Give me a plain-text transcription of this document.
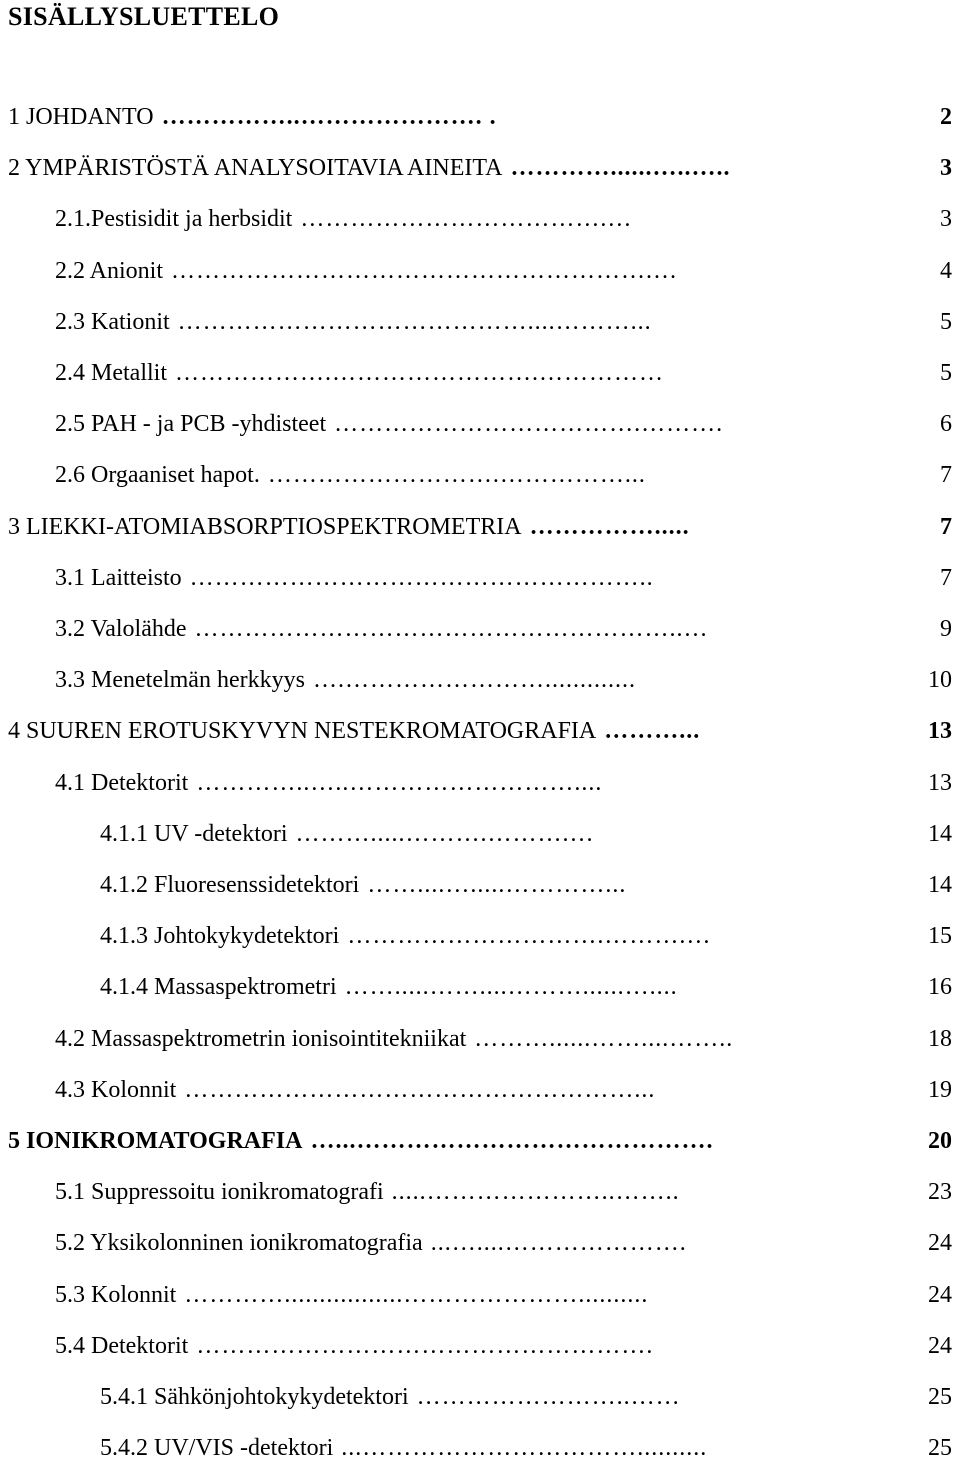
SISÄLLYSLUETTELO
1 JOHDANTO ……………..…………………. .	2
2 YMPÄRISTÖSTÄ ANALYSOITAVIA AINEITA …………......…..…..	3
2.1.Pestisidit ja herbsidit ……………………………….…	3
2.2 Anionit ………………………………………………….…	4
2.3 Kationit ……………………………………....………...	5
2.4 Metallit ……………….…………………….……………	5
2.5 PAH - ja PCB -yhdisteet ……………………………….……….	6
2.6 Orgaaniset hapot. ……………………….……………...	7
3 LIEKKI-ATOMIABSORPTIOSPEKTROMETRIA …………….....	7
3.1 Laitteisto ………………………………………………..	7
3.2 Valolähde …………………………………………………..…	9
3.3 Menetelmän herkkyys ….…………………….............	10
4 SUUREN EROTUSKYVYN NESTEKROMATOGRAFIA ………...	13
4.1 Detektorit …………..…..………………………....	13
4.1.1 UV -detektori ……….....……….……….…	14
4.1.2 Fluoresenssidetektori ……....….....…………...	14
4.1.3 Johtokykydetektori ………………………….……….…	15
4.1.4 Massaspektrometri …….....……....………......…....	16
4.2 Massaspektrometrin ionisointitekniikat ………......……....……..	18
4.3 Kolonnit ………………………………………………...	19
5 IONIKROMATOGRAFIA …...…………………………………….	20
5.1 Suppressoitu ionikromatografi .....…………………..……..	23
5.2 Yksikolonninen ionikromatografia ...…....………………….	24
5.3 Kolonnit ………….................…………………..........	24
5.4 Detektorit ……………………………………………….	24
5.4.1 Sähkönjohtokykydetektori ……………………..……	25
5.4.2 UV/VIS -detektori ...……………………………..........	25
